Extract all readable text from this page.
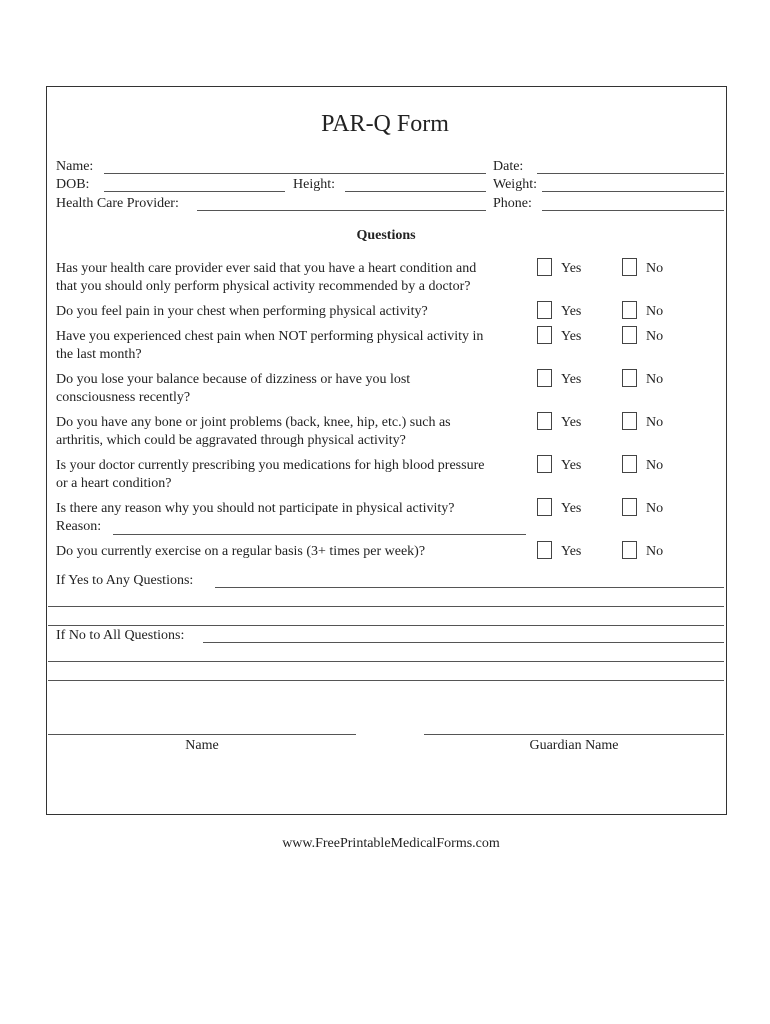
PAR-Q Form
Name:	Date:
DOB:	Height:	Weight:
Health Care Provider:	Phone:
Questions
Has your health care provider ever said that you have a heart condition and
that you should only perform physical activity recommended by a doctor?
Yes	No
Do you feel pain in your chest when performing physical activity?	Yes	No
Have you experienced chest pain when NOT performing physical activity in
the last month?
Yes	No
Do you lose your balance because of dizziness or have you lost
consciousness recently?
Yes	No
Do you have any bone or joint problems (back, knee, hip, etc.) such as
arthritis, which could be aggravated through physical activity?
Yes	No
Is your doctor currently prescribing you medications for high blood pressure
or a heart condition?
Yes	No
Is there any reason why you should not participate in physical activity?
Reason:
Yes	No
Do you currently exercise on a regular basis (3+ times per week)?	Yes	No
If Yes to Any Questions:
If No to All Questions:
Name	Guardian Name
www.FreePrintableMedicalForms.com
